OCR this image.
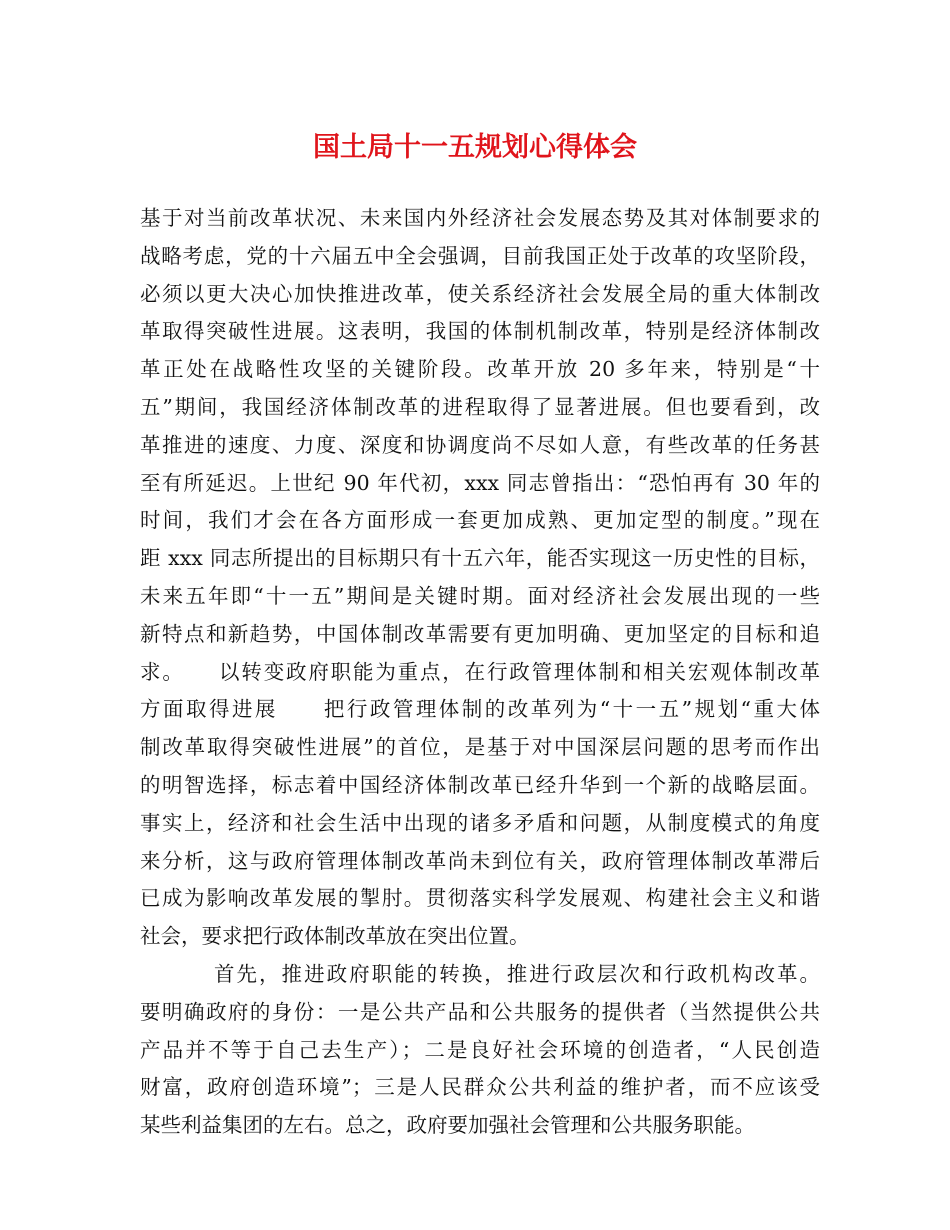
国土局十一五规划心得体会
基于对当前改革状况、未来国内外经济社会发展态势及其对体制要求的
战略考虑，党的十六届五中全会强调，目前我国正处于改革的攻坚阶段，
必须以更大决心加快推进改革，使关系经济社会发展全局的重大体制改
革取得突破性进展。这表明，我国的体制机制改革，特别是经济体制改
革正处在战略性攻坚的关键阶段。改革开放 20 多年来，特别是“十
五”期间，我国经济体制改革的进程取得了显著进展。但也要看到，改
革推进的速度、力度、深度和协调度尚不尽如人意，有些改革的任务甚
至有所延迟。上世纪 90 年代初，xxx 同志曾指出：“恐怕再有 30 年的
时间，我们才会在各方面形成一套更加成熟、更加定型的制度。”现在
距 xxx 同志所提出的目标期只有十五六年，能否实现这一历史性的目标，
未来五年即“十一五”期间是关键时期。面对经济社会发展出现的一些
新特点和新趋势，中国体制改革需要有更加明确、更加坚定的目标和追
求。　　以转变政府职能为重点，在行政管理体制和相关宏观体制改革
方面取得进展　　把行政管理体制的改革列为“十一五”规划“重大体
制改革取得突破性进展”的首位，是基于对中国深层问题的思考而作出
的明智选择，标志着中国经济体制改革已经升华到一个新的战略层面。
事实上，经济和社会生活中出现的诸多矛盾和问题，从制度模式的角度
来分析，这与政府管理体制改革尚未到位有关，政府管理体制改革滞后
已成为影响改革发展的掣肘。贯彻落实科学发展观、构建社会主义和谐
社会，要求把行政体制改革放在突出位置。
首先，推进政府职能的转换，推进行政层次和行政机构改革。
要明确政府的身份：一是公共产品和公共服务的提供者（当然提供公共
产品并不等于自己去生产）；二是良好社会环境的创造者，“人民创造
财富，政府创造环境”；三是人民群众公共利益的维护者，而不应该受
某些利益集团的左右。总之，政府要加强社会管理和公共服务职能。
